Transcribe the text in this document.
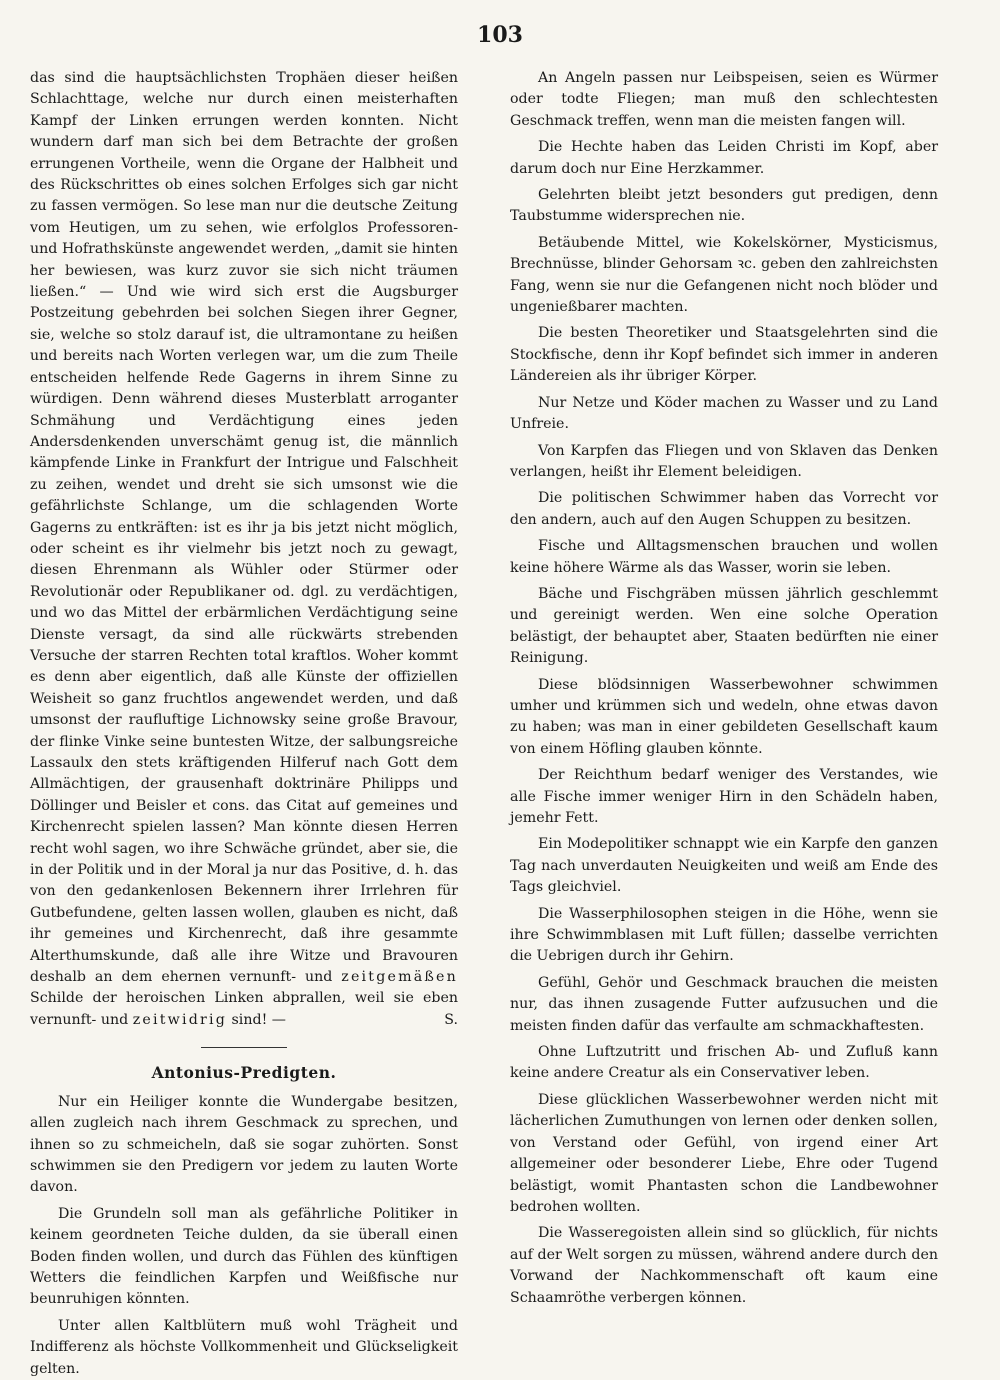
103

das sind die hauptsächlichsten Trophäen dieser heißen Schlachttage, welche nur durch einen meisterhaften Kampf der Linken errungen werden konnten. Nicht wundern darf man sich bei dem Betrachte der großen errungenen Vortheile, wenn die Organe der Halbheit und des Rückschrittes ob eines solchen Erfolges sich gar nicht zu fassen vermögen. So lese man nur die deutsche Zeitung vom Heutigen, um zu sehen, wie erfolglos Professoren- und Hofrathskünste angewendet werden, „damit sie hinten her bewiesen, was kurz zuvor sie sich nicht träumen ließen.“ — Und wie wird sich erst die Augsburger Postzeitung gebehrden bei solchen Siegen ihrer Gegner, sie, welche so stolz darauf ist, die ultramontane zu heißen und bereits nach Worten verlegen war, um die zum Theile entscheiden helfende Rede Gagerns in ihrem Sinne zu würdigen. Denn während dieses Musterblatt arroganter Schmähung und Verdächtigung eines jeden Andersdenkenden unverschämt genug ist, die männlich kämpfende Linke in Frankfurt der Intrigue und Falschheit zu zeihen, wendet und dreht sie sich umsonst wie die gefährlichste Schlange, um die schlagenden Worte Gagerns zu entkräften: ist es ihr ja bis jetzt nicht möglich, oder scheint es ihr vielmehr bis jetzt noch zu gewagt, diesen Ehrenmann als Wühler oder Stürmer oder Revolutionär oder Republikaner od. dgl. zu verdächtigen, und wo das Mittel der erbärmlichen Verdächtigung seine Dienste versagt, da sind alle rückwärts strebenden Versuche der starren Rechten total kraftlos. Woher kommt es denn aber eigentlich, daß alle Künste der offiziellen Weisheit so ganz fruchtlos angewendet werden, und daß umsonst der raufluftige Lichnowsky seine große Bravour, der flinke Vinke seine buntesten Witze, der salbungsreiche Lassaulx den stets kräftigenden Hilferuf nach Gott dem Allmächtigen, der grausenhaft doktrinäre Philipps und Döllinger und Beisler et cons. das Citat auf gemeines und Kirchenrecht spielen lassen? Man könnte diesen Herren recht wohl sagen, wo ihre Schwäche gründet, aber sie, die in der Politik und in der Moral ja nur das Positive, d. h. das von den gedankenlosen Bekennern ihrer Irrlehren für Gutbefundene, gelten lassen wollen, glauben es nicht, daß ihr gemeines und Kirchenrecht, daß ihre gesammte Alterthumskunde, daß alle ihre Witze und Bravouren deshalb an dem ehernen vernunft- und zeitgemäßen Schilde der heroischen Linken abprallen, weil sie eben vernunft- und zeitwidrig sind! —	S.

Antonius-Predigten.

Nur ein Heiliger konnte die Wundergabe besitzen, allen zugleich nach ihrem Geschmack zu sprechen, und ihnen so zu schmeicheln, daß sie sogar zuhörten. Sonst schwimmen sie den Predigern vor jedem zu lauten Worte davon.

Die Grundeln soll man als gefährliche Politiker in keinem geordneten Teiche dulden, da sie überall einen Boden finden wollen, und durch das Fühlen des künftigen Wetters die feindlichen Karpfen und Weißfische nur beunruhigen könnten.

Unter allen Kaltblütern muß wohl Trägheit und Indifferenz als höchste Vollkommenheit und Glückseligkeit gelten.

An Angeln passen nur Leibspeisen, seien es Würmer oder todte Fliegen; man muß den schlechtesten Geschmack treffen, wenn man die meisten fangen will.

Die Hechte haben das Leiden Christi im Kopf, aber darum doch nur Eine Herzkammer.

Gelehrten bleibt jetzt besonders gut predigen, denn Taubstumme widersprechen nie.

Betäubende Mittel, wie Kokelskörner, Mysticismus, Brechnüsse, blinder Gehorsam ꝛc. geben den zahlreichsten Fang, wenn sie nur die Gefangenen nicht noch blöder und ungenießbarer machten.

Die besten Theoretiker und Staatsgelehrten sind die Stockfische, denn ihr Kopf befindet sich immer in anderen Ländereien als ihr übriger Körper.

Nur Netze und Köder machen zu Wasser und zu Land Unfreie.

Von Karpfen das Fliegen und von Sklaven das Denken verlangen, heißt ihr Element beleidigen.

Die politischen Schwimmer haben das Vorrecht vor den andern, auch auf den Augen Schuppen zu besitzen.

Fische und Alltagsmenschen brauchen und wollen keine höhere Wärme als das Wasser, worin sie leben.

Bäche und Fischgräben müssen jährlich geschlemmt und gereinigt werden. Wen eine solche Operation belästigt, der behauptet aber, Staaten bedürften nie einer Reinigung.

Diese blödsinnigen Wasserbewohner schwimmen umher und krümmen sich und wedeln, ohne etwas davon zu haben; was man in einer gebildeten Gesellschaft kaum von einem Höfling glauben könnte.

Der Reichthum bedarf weniger des Verstandes, wie alle Fische immer weniger Hirn in den Schädeln haben, jemehr Fett.

Ein Modepolitiker schnappt wie ein Karpfe den ganzen Tag nach unverdauten Neuigkeiten und weiß am Ende des Tags gleichviel.

Die Wasserphilosophen steigen in die Höhe, wenn sie ihre Schwimmblasen mit Luft füllen; dasselbe verrichten die Uebrigen durch ihr Gehirn.

Gefühl, Gehör und Geschmack brauchen die meisten nur, das ihnen zusagende Futter aufzusuchen und die meisten finden dafür das verfaulte am schmackhaftesten.

Ohne Luftzutritt und frischen Ab- und Zufluß kann keine andere Creatur als ein Conservativer leben.

Diese glücklichen Wasserbewohner werden nicht mit lächerlichen Zumuthungen von lernen oder denken sollen, von Verstand oder Gefühl, von irgend einer Art allgemeiner oder besonderer Liebe, Ehre oder Tugend belästigt, womit Phantasten schon die Landbewohner bedrohen wollten.

Die Wasseregoisten allein sind so glücklich, für nichts auf der Welt sorgen zu müssen, während andere durch den Vorwand der Nachkommenschaft oft kaum eine Schaamröthe verbergen können.
